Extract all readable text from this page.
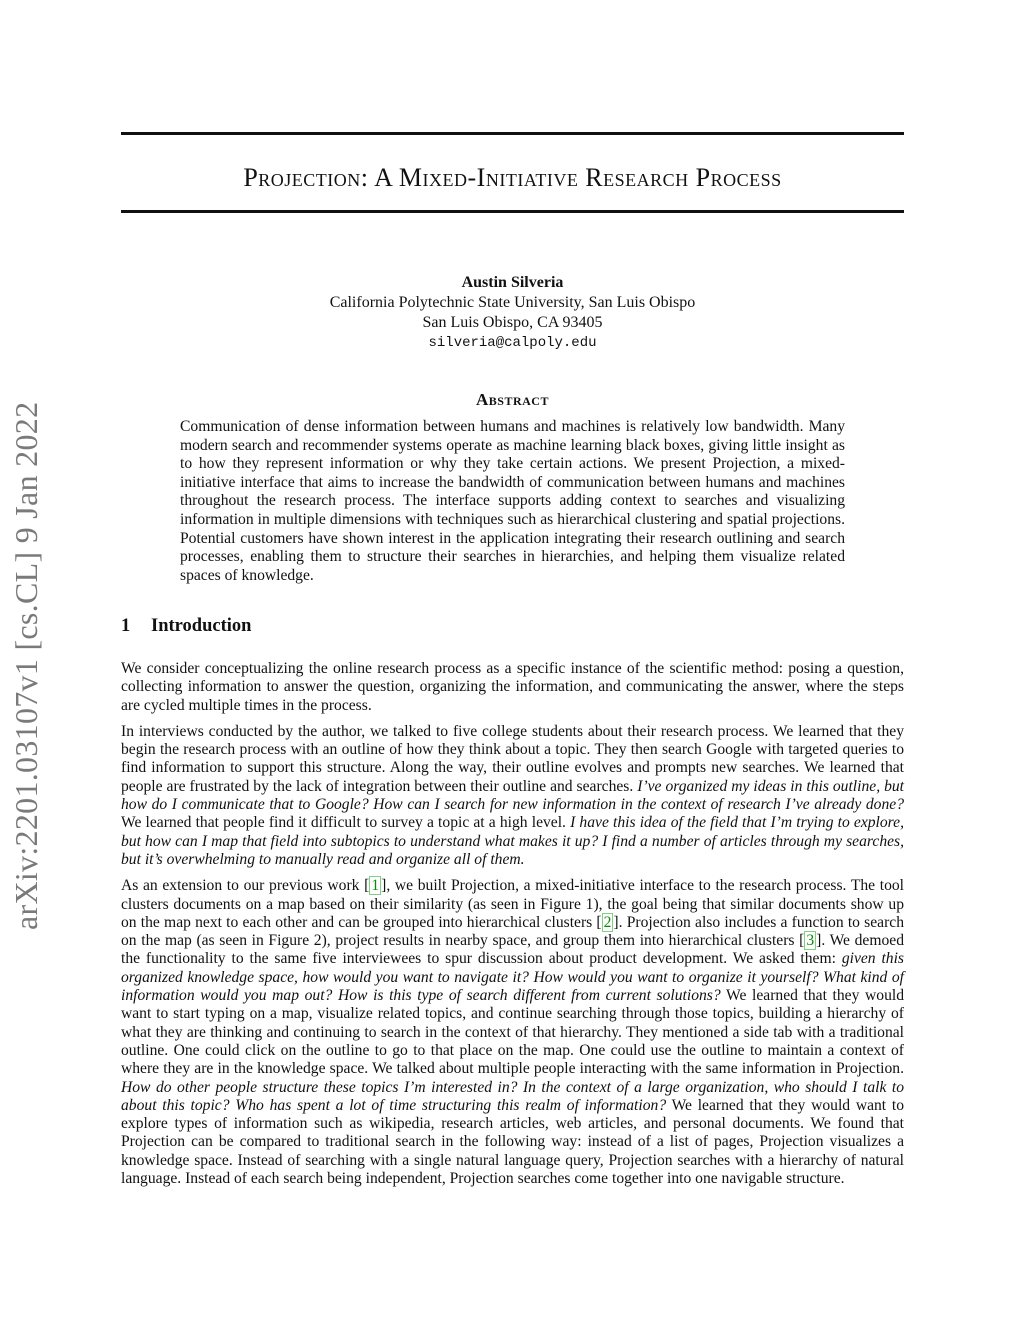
Projection: A Mixed-Initiative Research Process
Austin Silveria
California Polytechnic State University, San Luis Obispo
San Luis Obispo, CA 93405
silveria@calpoly.edu
Abstract
Communication of dense information between humans and machines is relatively low bandwidth. Many modern search and recommender systems operate as machine learning black boxes, giving little insight as to how they represent information or why they take certain actions. We present Projection, a mixed-initiative interface that aims to increase the bandwidth of communication between humans and machines throughout the research process. The interface supports adding context to searches and visualizing information in multiple dimensions with techniques such as hierarchical clustering and spatial projections. Potential customers have shown interest in the application integrating their research outlining and search processes, enabling them to structure their searches in hierarchies, and helping them visualize related spaces of knowledge.
1 Introduction

We consider conceptualizing the online research process as a specific instance of the scientific method: posing a question, collecting information to answer the question, organizing the information, and communicating the answer, where the steps are cycled multiple times in the process.

In interviews conducted by the author, we talked to five college students about their research process. We learned that they begin the research process with an outline of how they think about a topic. They then search Google with targeted queries to find information to support this structure. Along the way, their outline evolves and prompts new searches. We learned that people are frustrated by the lack of integration between their outline and searches. I’ve organized my ideas in this outline, but how do I communicate that to Google? How can I search for new information in the context of research I’ve already done? We learned that people find it difficult to survey a topic at a high level. I have this idea of the field that I’m trying to explore, but how can I map that field into subtopics to understand what makes it up? I find a number of articles through my searches, but it’s overwhelming to manually read and organize all of them.

As an extension to our previous work [ 1 ], we built Projection, a mixed-initiative interface to the research process. The tool clusters documents on a map based on their similarity (as seen in Figure 1), the goal being that similar documents show up on the map next to each other and can be grouped into hierarchical clusters [ 2 ]. Projection also includes a function to search on the map (as seen in Figure 2), project results in nearby space, and group them into hierarchical clusters [ 3 ]. We demoed the functionality to the same five interviewees to spur discussion about product development. We asked them: given this organized knowledge space, how would you want to navigate it? How would you want to organize it yourself? What kind of information would you map out? How is this type of search different from current solutions? We learned that they would want to start typing on a map, visualize related topics, and continue searching through those topics, building a hierarchy of what they are thinking and continuing to search in the context of that hierarchy. They mentioned a side tab with a traditional outline. One could click on the outline to go to that place on the map. One could use the outline to maintain a context of where they are in the knowledge space. We talked about multiple people interacting with the same information in Projection. How do other people structure these topics I’m interested in? In the context of a large organization, who should I talk to about this topic? Who has spent a lot of time structuring this realm of information? We learned that they would want to explore types of information such as wikipedia, research articles, web articles, and personal documents. We found that Projection can be compared to traditional search in the following way: instead of a list of pages, Projection visualizes a knowledge space. Instead of searching with a single natural language query, Projection searches with a hierarchy of natural language. Instead of each search being independent, Projection searches come together into one navigable structure.

arXiv:2201.03107v1 [cs.CL] 9 Jan 2022
